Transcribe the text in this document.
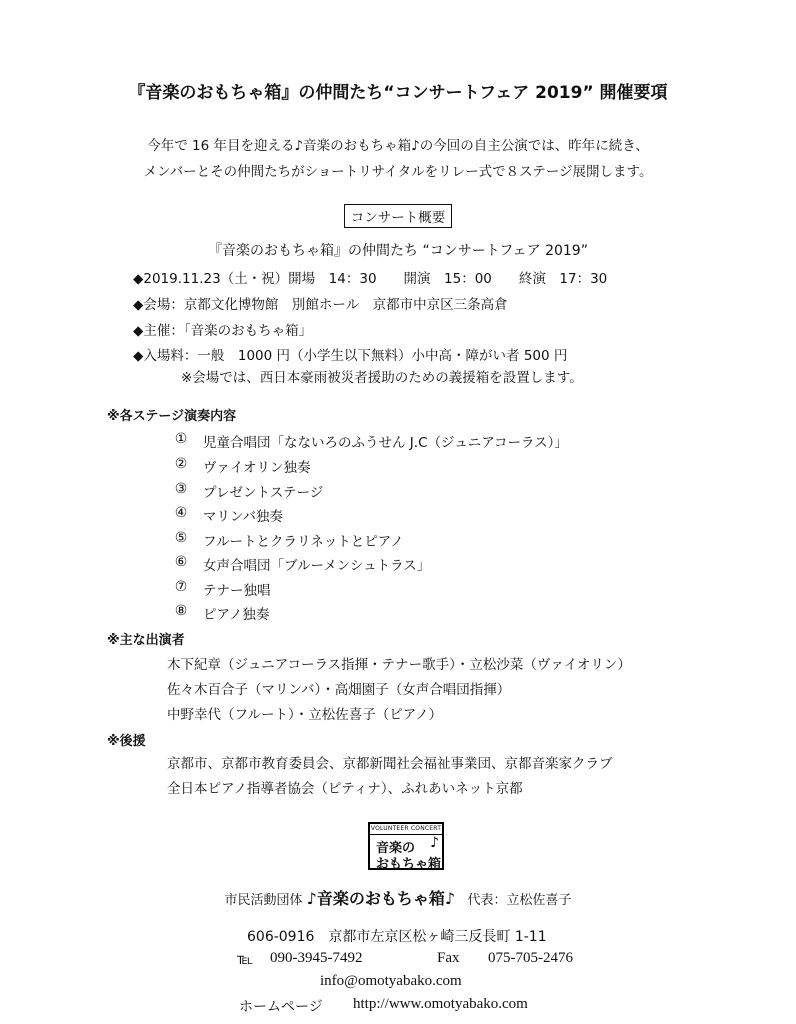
『音楽のおもちゃ箱』の仲間たち“コンサートフェア 2019” 開催要項
今年で 16 年目を迎える♪音楽のおもちゃ箱♪の今回の自主公演では、昨年に続き、
メンバーとその仲間たちがショートリサイタルをリレー式で８ステージ展開します。
コンサート概要
『音楽のおもちゃ箱』の仲間たち “コンサートフェア 2019”
◆2019.11.23（土・祝）開場　14：30　　開演　15：00　　終演　17：30
◆会場：京都文化博物館　別館ホール　京都市中京区三条高倉
◆主催：「音楽のおもちゃ箱」
◆入場料：一般　1000 円（小学生以下無料）小中高・障がい者 500 円
※会場では、西日本豪雨被災者援助のための義援箱を設置します。
※各ステージ演奏内容
① 児童合唱団「なないろのふうせん J.C（ジュニアコーラス）」
② ヴァイオリン独奏
③ プレゼントステージ
④ マリンバ独奏
⑤ フルートとクラリネットとピアノ
⑥ 女声合唱団「ブルーメンシュトラス」
⑦ テナー独唱
⑧ ピアノ独奏
※主な出演者
木下紀章（ジュニアコーラス指揮・テナー歌手）・立松沙菜（ヴァイオリン）
佐々木百合子（マリンバ）・高畑園子（女声合唱団指揮）
中野幸代（フルート）・立松佐喜子（ピアノ）
※後援
京都市、京都市教育委員会、京都新聞社会福祉事業団、京都音楽家クラブ
全日本ピアノ指導者協会（ピティナ）、ふれあいネット京都
VOLUNTEER CONCERT
音楽の
おもちゃ箱
♪
市民活動団体 ♪音楽のおもちゃ箱♪ 代表：立松佐喜子
606-0916　京都市左京区松ヶ崎三反長町 1-11
℡ 090-3945-7492	Fax 075-705-2476
info@omotyabako.com
ホームページ http://www.omotyabako.com
